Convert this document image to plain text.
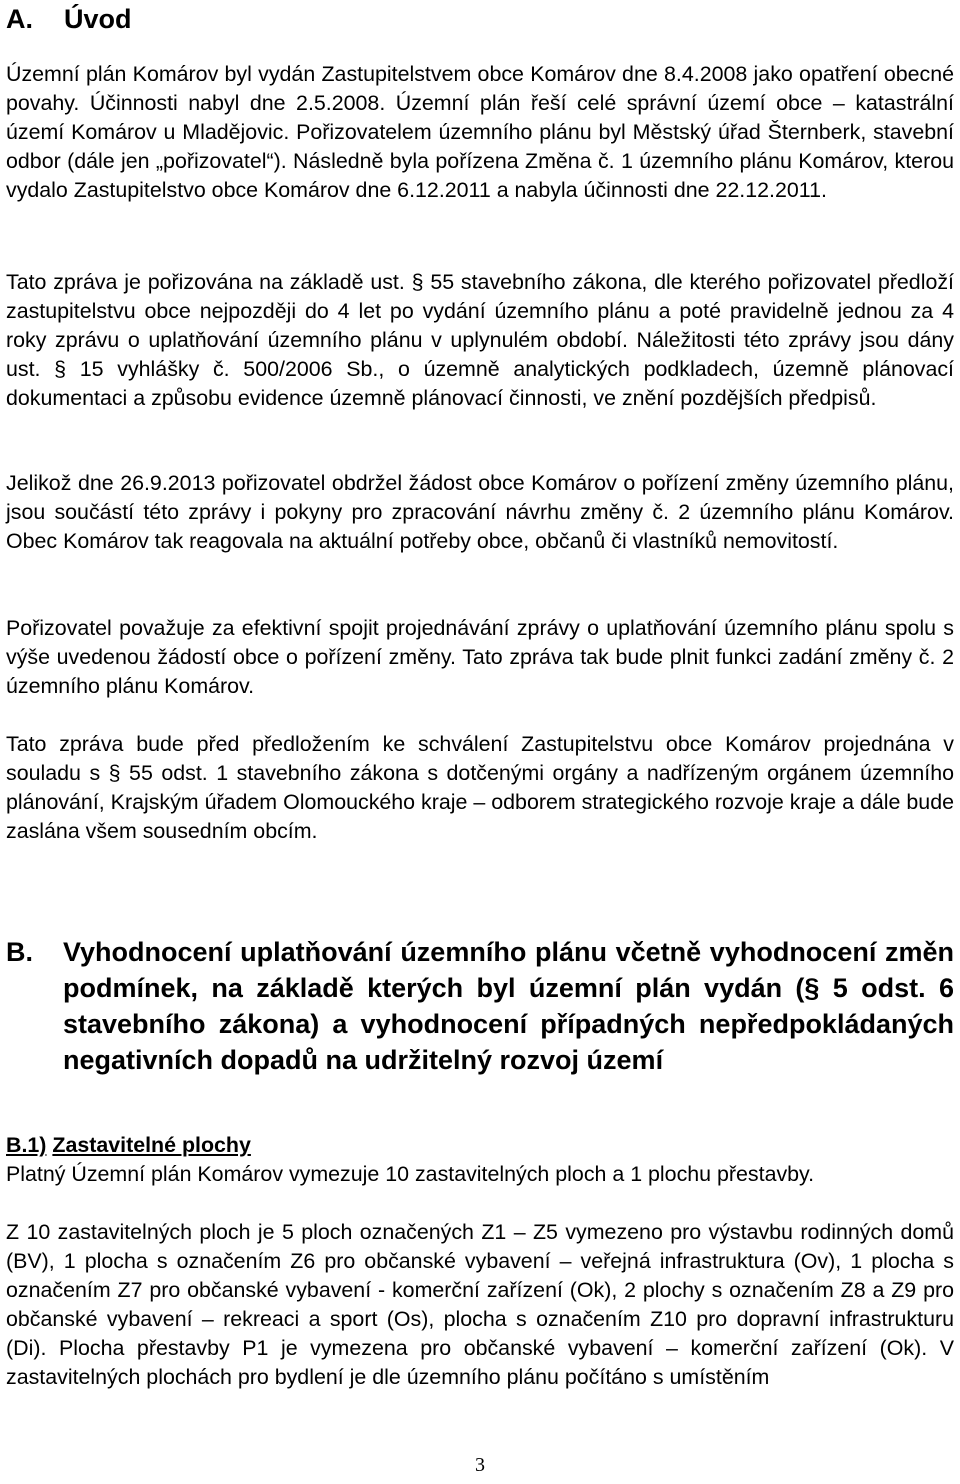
A. Úvod

Územní plán Komárov byl vydán Zastupitelstvem obce Komárov dne 8.4.2008 jako opatření obecné povahy. Účinnosti nabyl dne 2.5.2008. Územní plán řeší celé správní území obce – katastrální území Komárov u Mladějovic. Pořizovatelem územního plánu byl Městský úřad Šternberk, stavební odbor (dále jen „pořizovatel“). Následně byla pořízena Změna č. 1 územního plánu Komárov, kterou vydalo Zastupitelstvo obce Komárov dne 6.12.2011 a nabyla účinnosti dne 22.12.2011.

Tato zpráva je pořizována na základě ust. § 55 stavebního zákona, dle kterého pořizovatel předloží zastupitelstvu obce nejpozději do 4 let po vydání územního plánu a poté pravidelně jednou za 4 roky zprávu o uplatňování územního plánu v uplynulém období. Náležitosti této zprávy jsou dány ust. § 15 vyhlášky č. 500/2006 Sb., o územně analytických podkladech, územně plánovací dokumentaci a způsobu evidence územně plánovací činnosti, ve znění pozdějších předpisů.

Jelikož dne 26.9.2013 pořizovatel obdržel žádost obce Komárov o pořízení změny územního plánu, jsou součástí této zprávy i pokyny pro zpracování návrhu změny č. 2 územního plánu Komárov. Obec Komárov tak reagovala na aktuální potřeby obce, občanů či vlastníků nemovitostí.

Pořizovatel považuje za efektivní spojit projednávání zprávy o uplatňování územního plánu spolu s výše uvedenou žádostí obce o pořízení změny. Tato zpráva tak bude plnit funkci zadání změny č. 2 územního plánu Komárov.

Tato zpráva bude před předložením ke schválení Zastupitelstvu obce Komárov projednána v souladu s § 55 odst. 1 stavebního zákona s dotčenými orgány a nadřízeným orgánem územního plánování, Krajským úřadem Olomouckého kraje – odborem strategického rozvoje kraje a dále bude zaslána všem sousedním obcím.

B. Vyhodnocení uplatňování územního plánu včetně vyhodnocení změn podmínek, na základě kterých byl územní plán vydán (§ 5 odst. 6 stavebního zákona) a vyhodnocení případných nepředpokládaných negativních dopadů na udržitelný rozvoj území
B.1) Zastavitelné plochy

Platný Územní plán Komárov vymezuje 10 zastavitelných ploch a 1 plochu přestavby.

Z 10 zastavitelných ploch je 5 ploch označených Z1 – Z5 vymezeno pro výstavbu rodinných domů (BV), 1 plocha s označením Z6 pro občanské vybavení – veřejná infrastruktura (Ov), 1 plocha s označením Z7 pro občanské vybavení - komerční zařízení (Ok), 2 plochy s označením Z8 a Z9 pro občanské vybavení – rekreaci a sport (Os), plocha s označením Z10 pro dopravní infrastrukturu (Di). Plocha přestavby P1 je vymezena pro občanské vybavení – komerční zařízení (Ok). V zastavitelných plochách pro bydlení je dle územního plánu počítáno s umístěním

3
